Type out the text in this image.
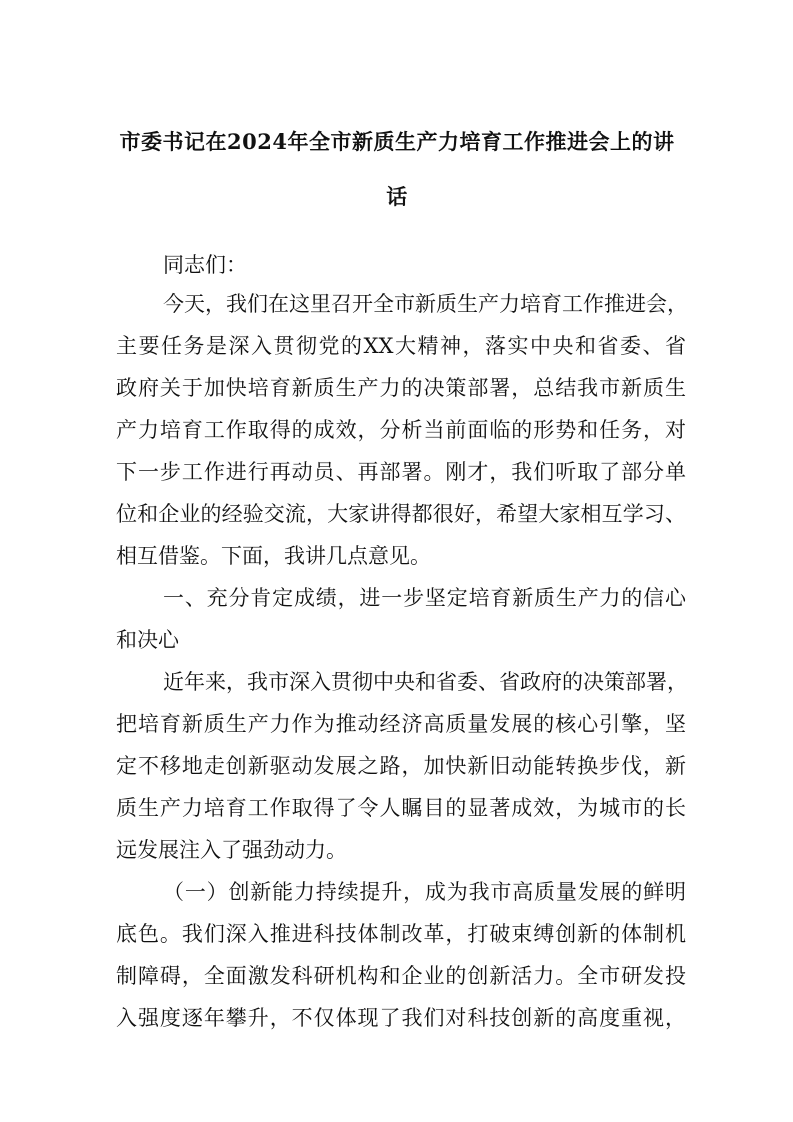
市委书记在2024年全市新质生产力培育工作推进会上的讲
话

同志们：

今天，我们在这里召开全市新质生产力培育工作推进会，

主要任务是深入贯彻党的XX大精神，落实中央和省委、省

政府关于加快培育新质生产力的决策部署，总结我市新质生

产力培育工作取得的成效，分析当前面临的形势和任务，对

下一步工作进行再动员、再部署。刚才，我们听取了部分单

位和企业的经验交流，大家讲得都很好，希望大家相互学习、

相互借鉴。下面，我讲几点意见。

一、充分肯定成绩，进一步坚定培育新质生产力的信心

和决心

近年来，我市深入贯彻中央和省委、省政府的决策部署，

把培育新质生产力作为推动经济高质量发展的核心引擎，坚

定不移地走创新驱动发展之路，加快新旧动能转换步伐，新

质生产力培育工作取得了令人瞩目的显著成效，为城市的长

远发展注入了强劲动力。

（一）创新能力持续提升，成为我市高质量发展的鲜明

底色。我们深入推进科技体制改革，打破束缚创新的体制机

制障碍，全面激发科研机构和企业的创新活力。全市研发投

入强度逐年攀升，不仅体现了我们对科技创新的高度重视，
